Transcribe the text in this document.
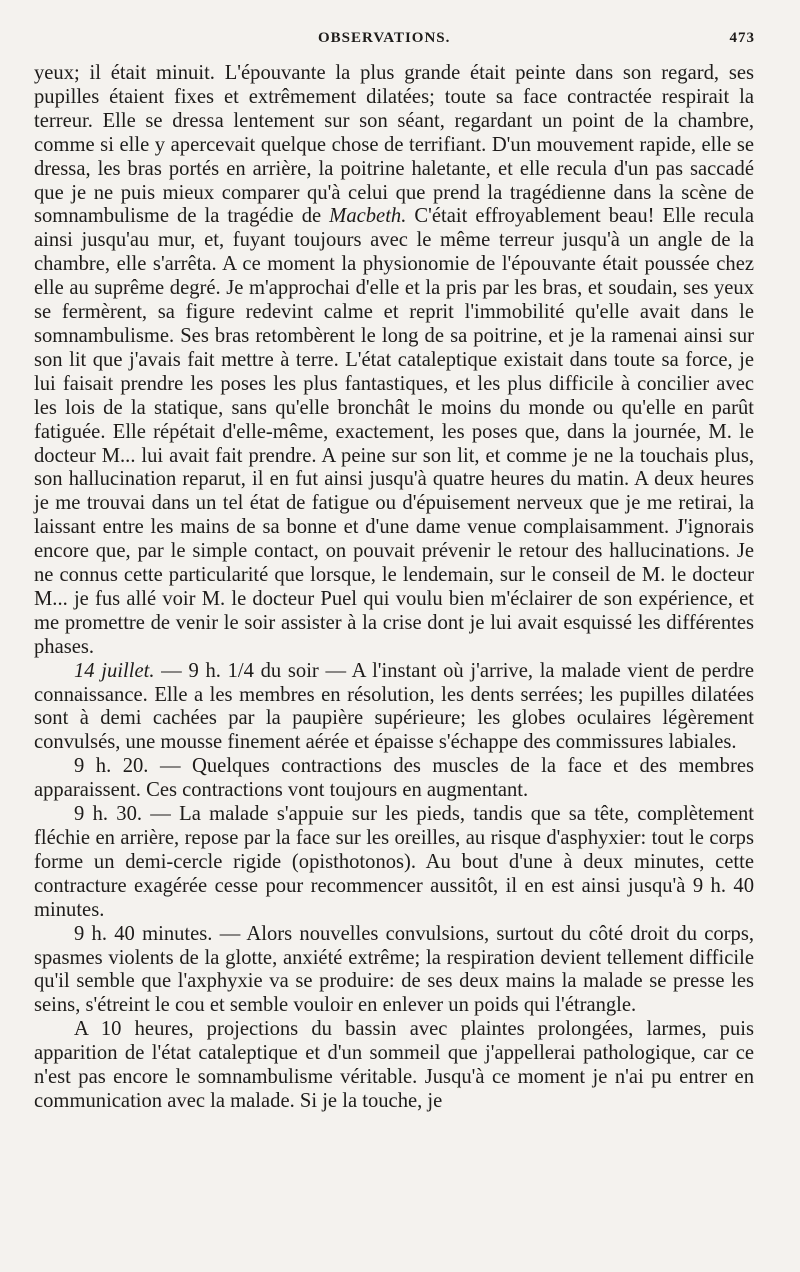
OBSERVATIONS.	473

yeux; il était minuit. L'épouvante la plus grande était peinte dans son regard, ses pupilles étaient fixes et extrêmement dilatées; toute sa face contractée respirait la terreur. Elle se dressa lentement sur son séant, regardant un point de la chambre, comme si elle y apercevait quelque chose de terrifiant. D'un mouvement rapide, elle se dressa, les bras portés en arrière, la poitrine haletante, et elle recula d'un pas saccadé que je ne puis mieux comparer qu'à celui que prend la tragédienne dans la scène de somnambulisme de la tragédie de Macbeth. C'était effroyablement beau! Elle recula ainsi jusqu'au mur, et, fuyant toujours avec le même terreur jusqu'à un angle de la chambre, elle s'arrêta. A ce moment la physionomie de l'épouvante était poussée chez elle au suprême degré. Je m'approchai d'elle et la pris par les bras, et soudain, ses yeux se fermèrent, sa figure redevint calme et reprit l'immobilité qu'elle avait dans le somnambulisme. Ses bras retombèrent le long de sa poitrine, et je la ramenai ainsi sur son lit que j'avais fait mettre à terre. L'état cataleptique existait dans toute sa force, je lui faisait prendre les poses les plus fantastiques, et les plus difficile à concilier avec les lois de la statique, sans qu'elle bronchât le moins du monde ou qu'elle en parût fatiguée. Elle répétait d'elle-même, exactement, les poses que, dans la journée, M. le docteur M... lui avait fait prendre. A peine sur son lit, et comme je ne la touchais plus, son hallucination reparut, il en fut ainsi jusqu'à quatre heures du matin. A deux heures je me trouvai dans un tel état de fatigue ou d'épuisement nerveux que je me retirai, la laissant entre les mains de sa bonne et d'une dame venue complaisamment. J'ignorais encore que, par le simple contact, on pouvait prévenir le retour des hallucinations. Je ne connus cette particularité que lorsque, le lendemain, sur le conseil de M. le docteur M... je fus allé voir M. le docteur Puel qui voulu bien m'éclairer de son expérience, et me promettre de venir le soir assister à la crise dont je lui avait esquissé les différentes phases.

14 juillet. — 9 h. 1/4 du soir — A l'instant où j'arrive, la malade vient de perdre connaissance. Elle a les membres en résolution, les dents serrées; les pupilles dilatées sont à demi cachées par la paupière supérieure; les globes oculaires légèrement convulsés, une mousse finement aérée et épaisse s'échappe des commissures labiales.

9 h. 20. — Quelques contractions des muscles de la face et des membres apparaissent. Ces contractions vont toujours en augmentant.

9 h. 30. — La malade s'appuie sur les pieds, tandis que sa tête, complètement fléchie en arrière, repose par la face sur les oreilles, au risque d'asphyxier: tout le corps forme un demi-cercle rigide (opisthotonos). Au bout d'une à deux minutes, cette contracture exagérée cesse pour recommencer aussitôt, il en est ainsi jusqu'à 9 h. 40 minutes.

9 h. 40 minutes. — Alors nouvelles convulsions, surtout du côté droit du corps, spasmes violents de la glotte, anxiété extrême; la respiration devient tellement difficile qu'il semble que l'axphyxie va se produire: de ses deux mains la malade se presse les seins, s'étreint le cou et semble vouloir en enlever un poids qui l'étrangle.

A 10 heures, projections du bassin avec plaintes prolongées, larmes, puis apparition de l'état cataleptique et d'un sommeil que j'appellerai pathologique, car ce n'est pas encore le somnambulisme véritable. Jusqu'à ce moment je n'ai pu entrer en communication avec la malade. Si je la touche, je
